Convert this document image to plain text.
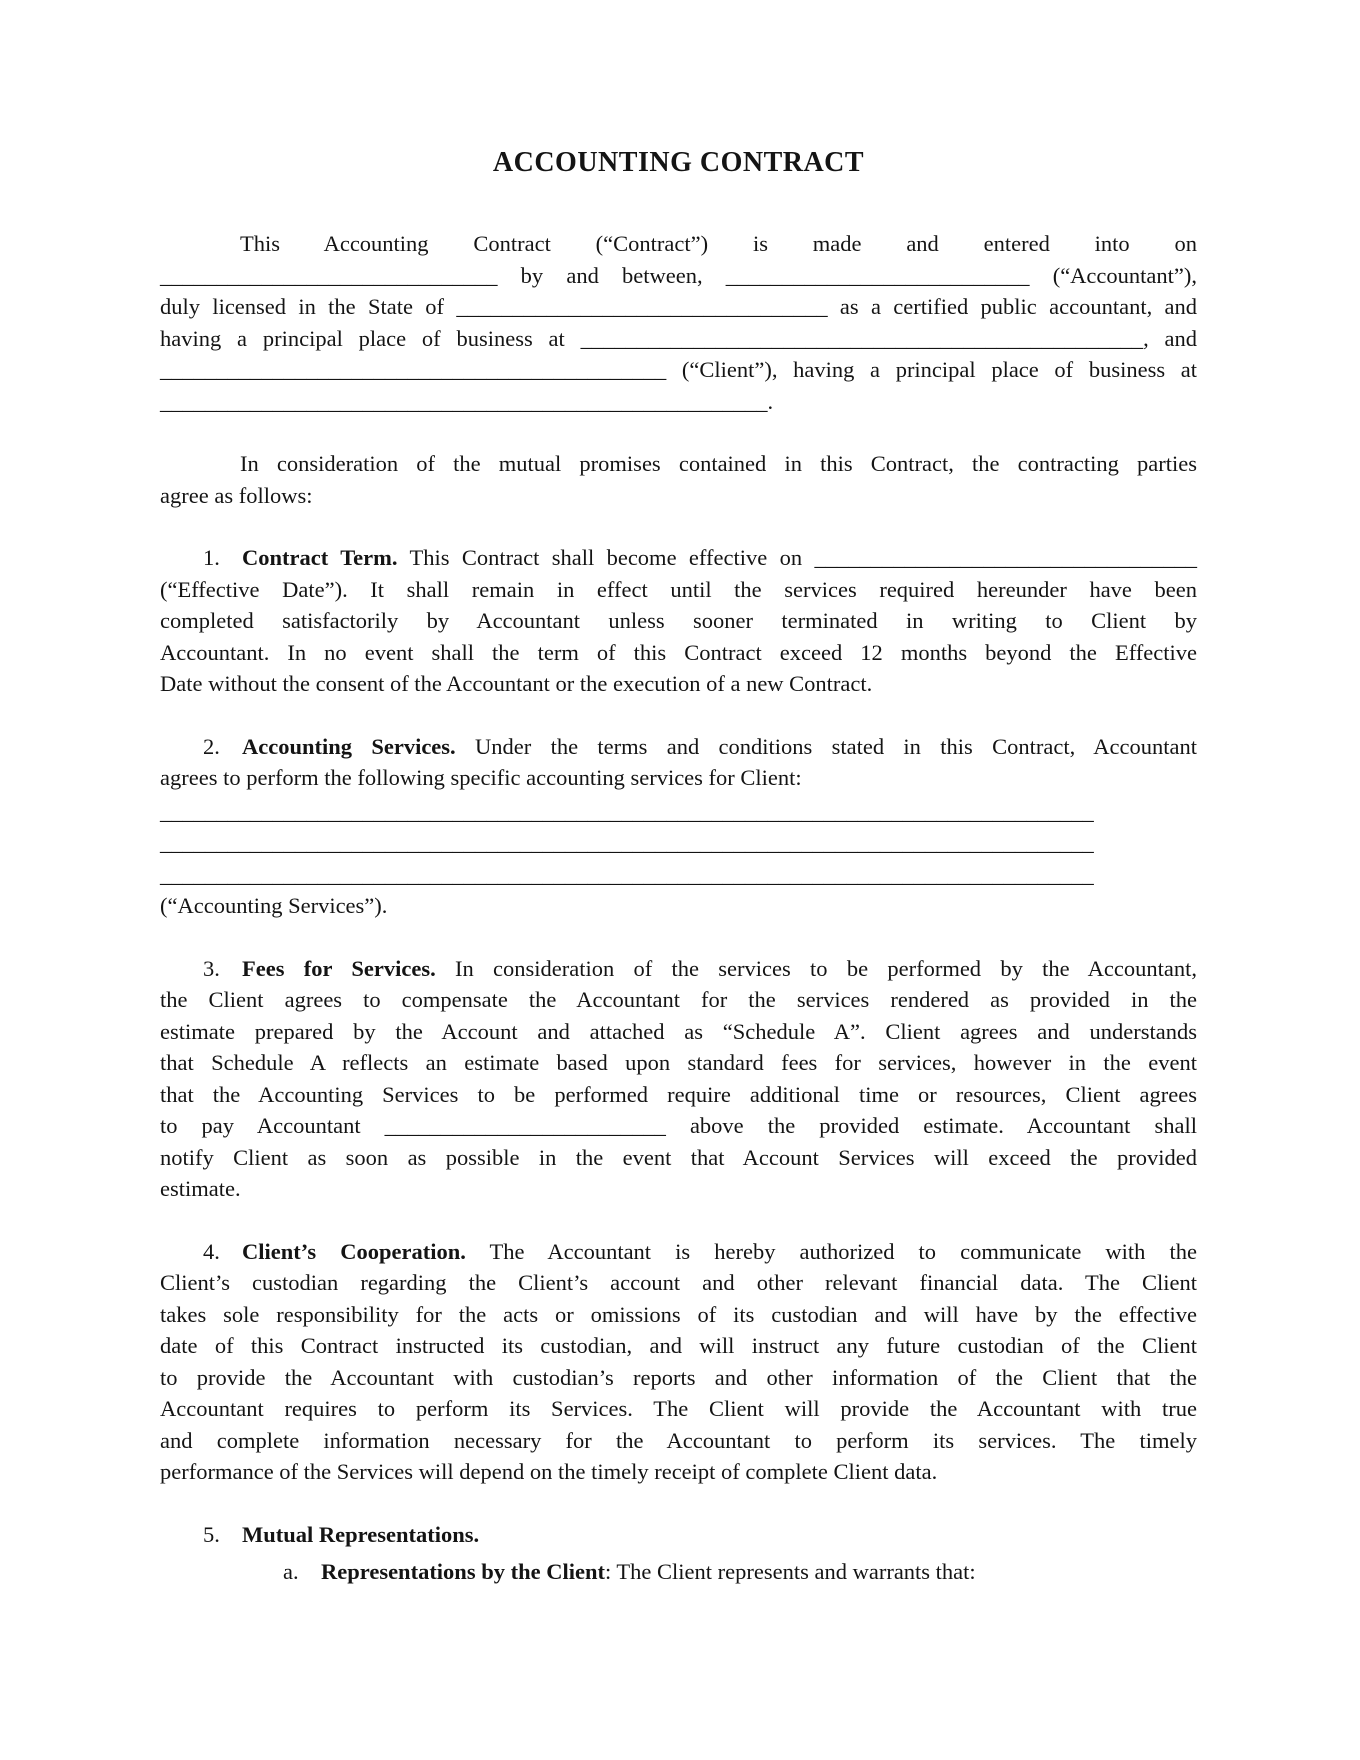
ACCOUNTING CONTRACT
This Accounting Contract (“Contract”) is made and entered into on
______________________________ by and between, ___________________________ (“Accountant”),
duly licensed in the State of _________________________________ as a certified public accountant, and
having a principal place of business at __________________________________________________, and
_____________________________________________ (“Client”), having a principal place of business at
______________________________________________________.
In consideration of the mutual promises contained in this Contract, the contracting parties
agree as follows:
1. Contract Term. This Contract shall become effective on __________________________________
(“Effective Date”). It shall remain in effect until the services required hereunder have been
completed satisfactorily by Accountant unless sooner terminated in writing to Client by
Accountant. In no event shall the term of this Contract exceed 12 months beyond the Effective
Date without the consent of the Accountant or the execution of a new Contract.
2. Accounting Services. Under the terms and conditions stated in this Contract, Accountant
agrees to perform the following specific accounting services for Client:
___________________________________________________________________________________
___________________________________________________________________________________
___________________________________________________________________________________
(“Accounting Services”).
3. Fees for Services. In consideration of the services to be performed by the Accountant,
the Client agrees to compensate the Accountant for the services rendered as provided in the
estimate prepared by the Account and attached as “Schedule A”. Client agrees and understands
that Schedule A reflects an estimate based upon standard fees for services, however in the event
that the Accounting Services to be performed require additional time or resources, Client agrees
to pay Accountant _________________________ above the provided estimate. Accountant shall
notify Client as soon as possible in the event that Account Services will exceed the provided
estimate.
4. Client’s Cooperation. The Accountant is hereby authorized to communicate with the
Client’s custodian regarding the Client’s account and other relevant financial data. The Client
takes sole responsibility for the acts or omissions of its custodian and will have by the effective
date of this Contract instructed its custodian, and will instruct any future custodian of the Client
to provide the Accountant with custodian’s reports and other information of the Client that the
Accountant requires to perform its Services. The Client will provide the Accountant with true
and complete information necessary for the Accountant to perform its services. The timely
performance of the Services will depend on the timely receipt of complete Client data.
5. Mutual Representations.
a. Representations by the Client: The Client represents and warrants that:
